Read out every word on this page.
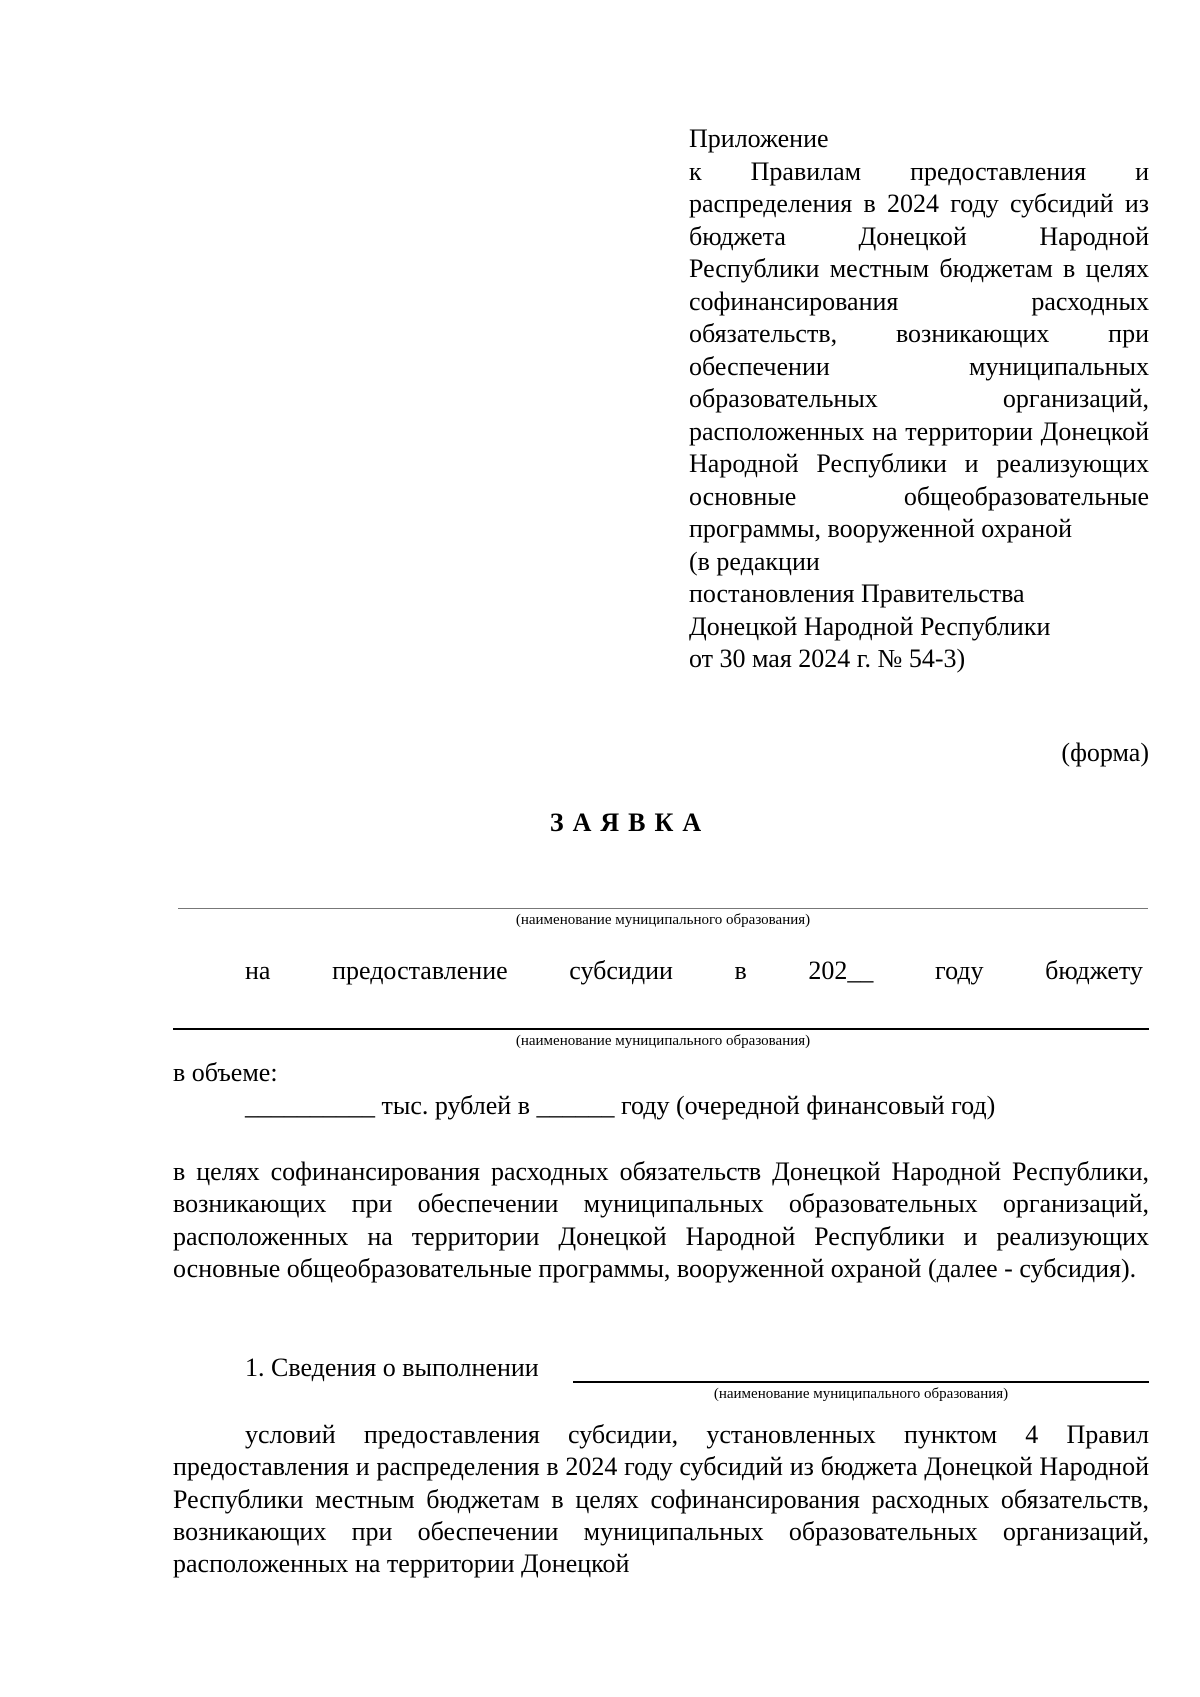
Приложение
к Правилам предоставления и распределения в 2024 году субсидий из бюджета Донецкой Народной Республики местным бюджетам в целях софинансирования расходных обязательств, возникающих при обеспечении муниципальных образовательных организаций, расположенных на территории Донецкой Народной Республики и реализующих основные общеобразовательные программы, вооруженной охраной
(в редакции
постановления Правительства
Донецкой Народной Республики
от 30 мая 2024 г. № 54-3)
(форма)
ЗАЯВКА
(наименование муниципального образования)
на предоставление субсидии в 202__ году бюджету
(наименование муниципального образования)
в объеме:
__________ тыс. рублей в ______ году (очередной финансовый год)
в целях софинансирования расходных обязательств Донецкой Народной Республики, возникающих при обеспечении муниципальных образовательных организаций, расположенных на территории Донецкой Народной Республики и реализующих основные общеобразовательные программы, вооруженной охраной (далее - субсидия).
1. Сведения о выполнении
(наименование муниципального образования)
условий предоставления субсидии, установленных пунктом 4 Правил предоставления и распределения в 2024 году субсидий из бюджета Донецкой Народной Республики местным бюджетам в целях софинансирования расходных обязательств, возникающих при обеспечении муниципальных образовательных организаций, расположенных на территории Донецкой
